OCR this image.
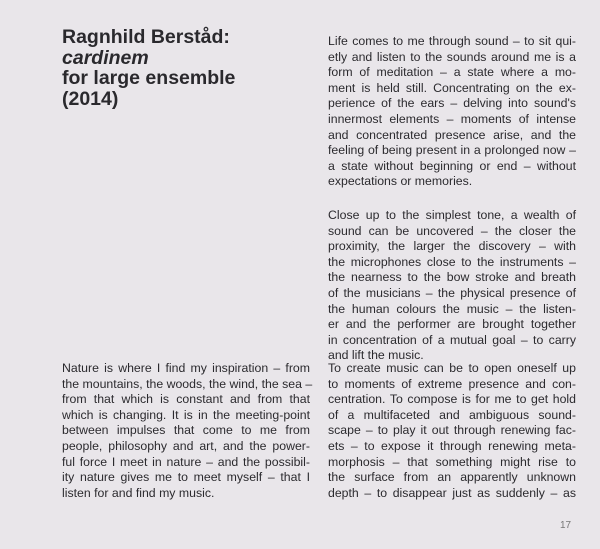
Ragnhild Berståd:
cardinem
for large ensemble
(2014)
Life comes to me through sound – to sit qui-
etly and listen to the sounds around me is a
form of meditation – a state where a mo-
ment is held still. Concentrating on the ex-
perience of the ears – delving into sound's
innermost elements – moments of intense
and concentrated presence arise, and the
feeling of being present in a prolonged now –
a state without beginning or end – without
expectations or memories.
Close up to the simplest tone, a wealth of
sound can be uncovered – the closer the
proximity, the larger the discovery – with
the microphones close to the instruments –
the nearness to the bow stroke and breath
of the musicians – the physical presence of
the human colours the music – the listen-
er and the performer are brought together
in concentration of a mutual goal – to carry
and lift the music.
To create music can be to open oneself up
to moments of extreme presence and con-
centration. To compose is for me to get hold
of a multifaceted and ambiguous sound-
scape – to play it out through renewing fac-
ets – to expose it through renewing meta-
morphosis – that something might rise to
the surface from an apparently unknown
depth – to disappear just as suddenly – as
Nature is where I find my inspiration – from
the mountains, the woods, the wind, the sea –
from that which is constant and from that
which is changing. It is in the meeting-point
between impulses that come to me from
people, philosophy and art, and the power-
ful force I meet in nature – and the possibil-
ity nature gives me to meet myself – that I
listen for and find my music.
17
